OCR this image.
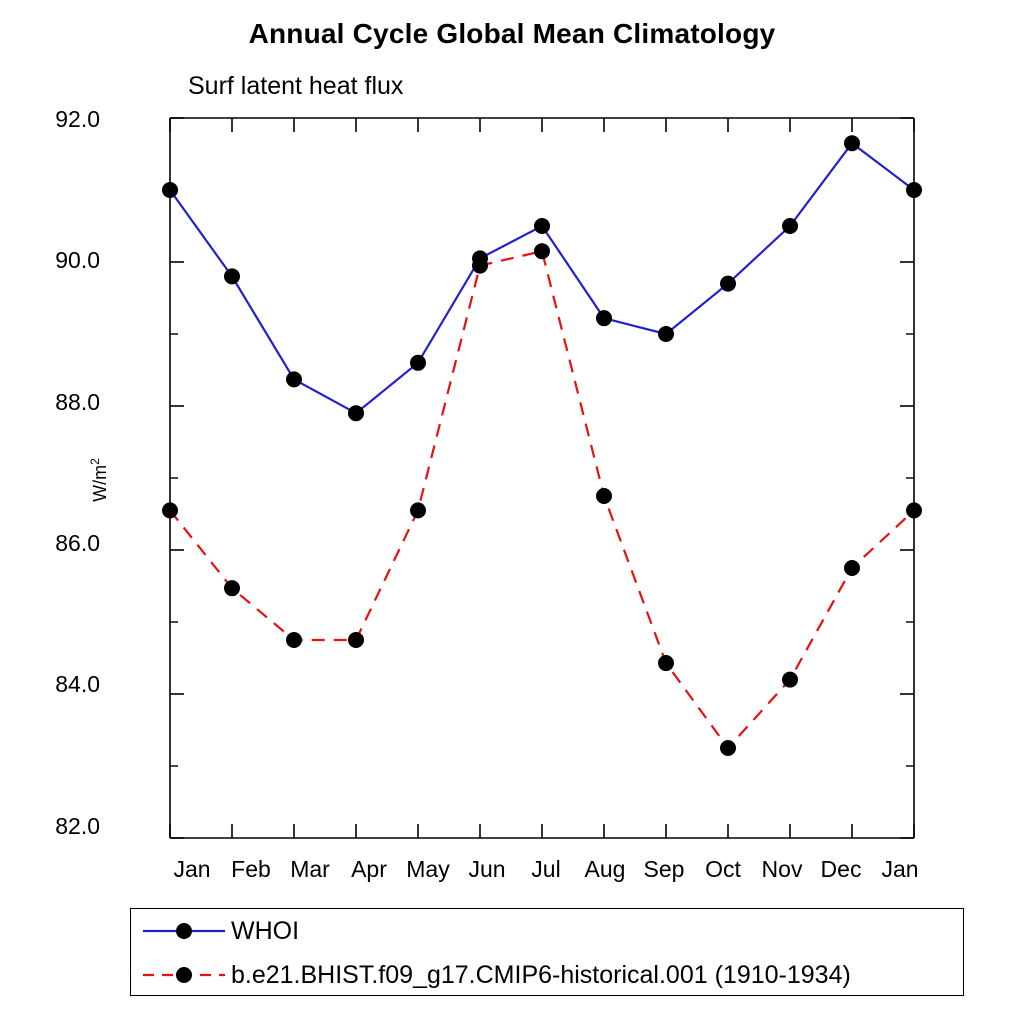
Annual Cycle Global Mean Climatology
Surf latent heat flux
$W/m^2$
82.0
84.0
86.0
88.0
90.0
92.0
Jan Feb Mar Apr May Jun	Jul	Aug Sep Oct Nov Dec Jan
WHOI
b.e21.BHIST.f09_g17.CMIP6-historical.001 (1910-1934)
